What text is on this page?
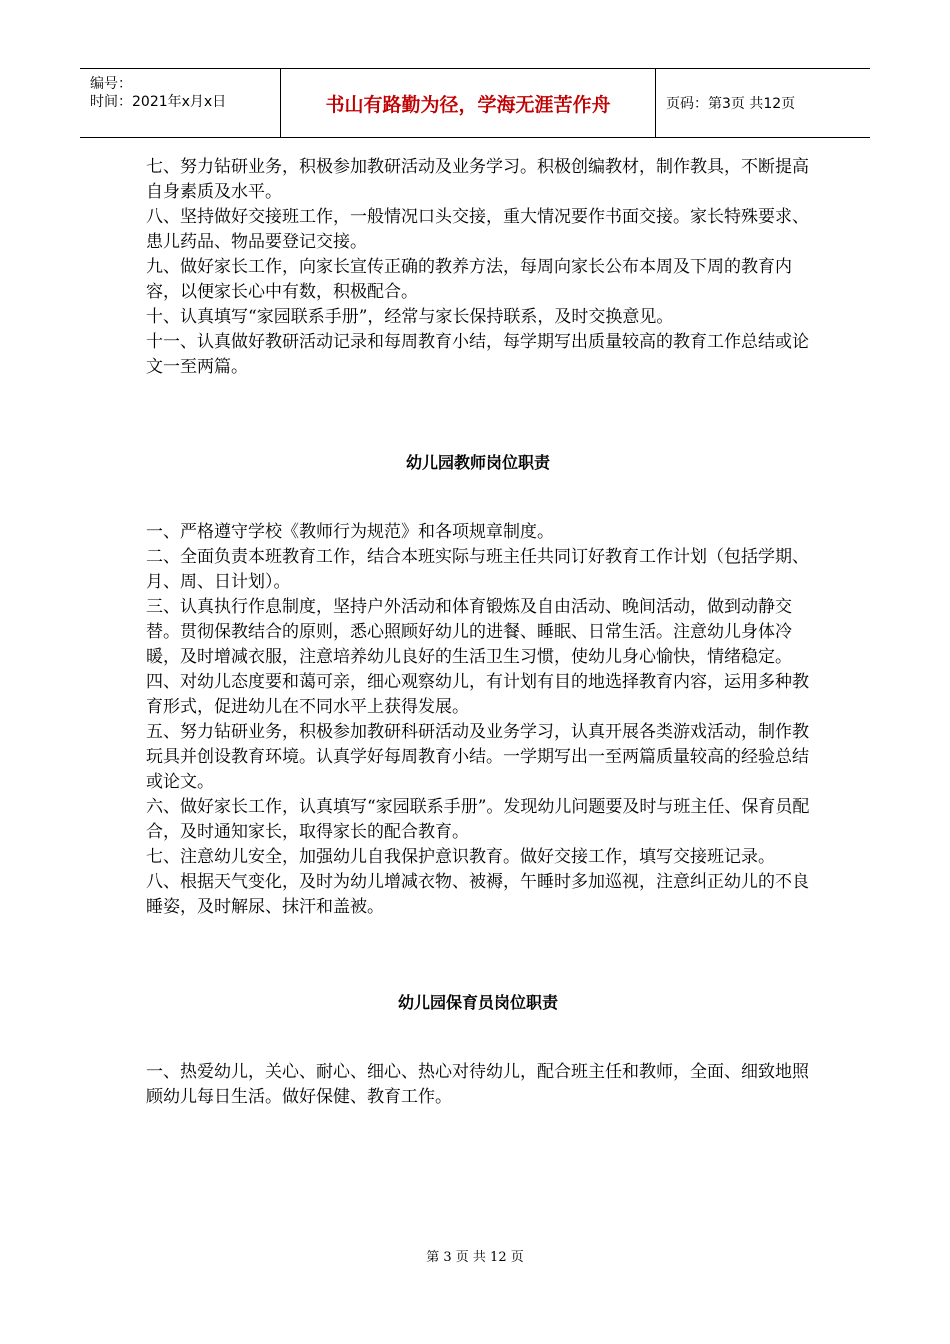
编号：
时间：2021年x月x日	书山有路勤为径，学海无涯苦作舟	页码：第3页 共12页

七、努力钻研业务，积极参加教研活动及业务学习。积极创编教材，制作教具，不断提高自身素质及水平。

八、坚持做好交接班工作，一般情况口头交接，重大情况要作书面交接。家长特殊要求、患儿药品、物品要登记交接。

九、做好家长工作，向家长宣传正确的教养方法，每周向家长公布本周及下周的教育内容，以便家长心中有数，积极配合。

十、认真填写“家园联系手册”，经常与家长保持联系，及时交换意见。

十一、认真做好教研活动记录和每周教育小结，每学期写出质量较高的教育工作总结或论文一至两篇。

幼儿园教师岗位职责

一、严格遵守学校《教师行为规范》和各项规章制度。

二、全面负责本班教育工作，结合本班实际与班主任共同订好教育工作计划（包括学期、月、周、日计划）。

三、认真执行作息制度，坚持户外活动和体育锻炼及自由活动、晚间活动，做到动静交替。贯彻保教结合的原则，悉心照顾好幼儿的进餐、睡眠、日常生活。注意幼儿身体冷暖，及时增减衣服，注意培养幼儿良好的生活卫生习惯，使幼儿身心愉快，情绪稳定。

四、对幼儿态度要和蔼可亲，细心观察幼儿，有计划有目的地选择教育内容，运用多种教育形式，促进幼儿在不同水平上获得发展。

五、努力钻研业务，积极参加教研科研活动及业务学习，认真开展各类游戏活动，制作教玩具并创设教育环境。认真学好每周教育小结。一学期写出一至两篇质量较高的经验总结或论文。

六、做好家长工作，认真填写“家园联系手册”。发现幼儿问题要及时与班主任、保育员配合，及时通知家长，取得家长的配合教育。

七、注意幼儿安全，加强幼儿自我保护意识教育。做好交接工作，填写交接班记录。

八、根据天气变化，及时为幼儿增减衣物、被褥，午睡时多加巡视，注意纠正幼儿的不良睡姿，及时解尿、抹汗和盖被。

幼儿园保育员岗位职责

一、热爱幼儿，关心、耐心、细心、热心对待幼儿，配合班主任和教师，全面、细致地照顾幼儿每日生活。做好保健、教育工作。

第 3 页 共 12 页
